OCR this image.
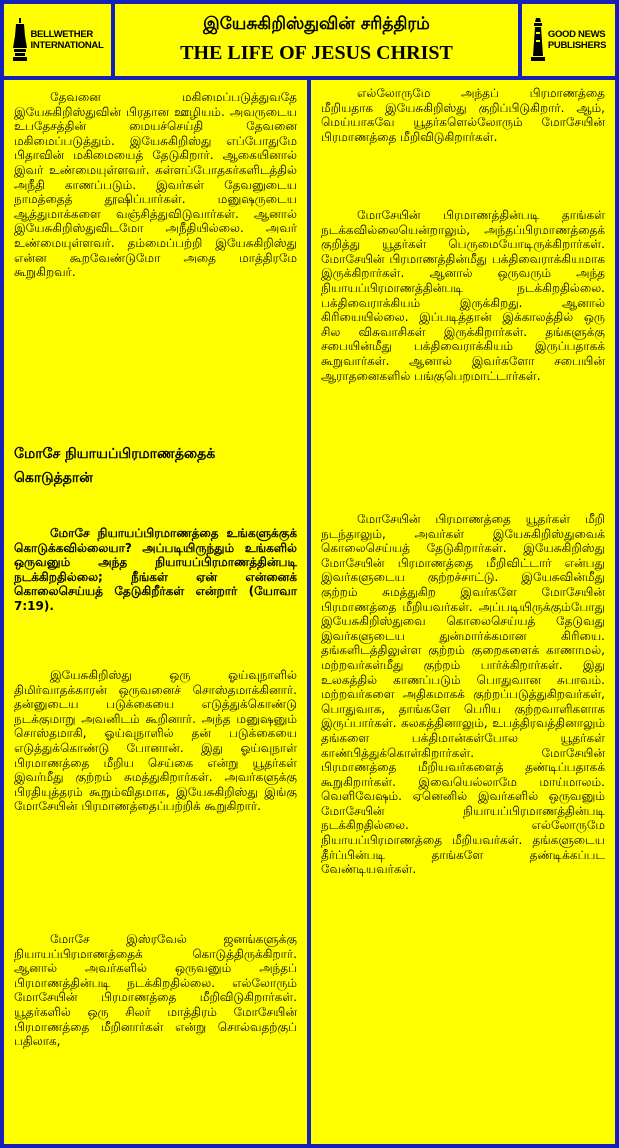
BELLWETHER
INTERNATIONAL
இயேசுகிறிஸ்துவின் சரித்திரம்
THE LIFE OF JESUS CHRIST
GOOD NEWS
PUBLISHERS

தேவனை மகிமைப்படுத்துவதே இயேசுகிறிஸ்துவின் பிரதான ஊழியம். அவருடைய உபதேசத்தின் மையச்செய்தி தேவனை மகிமைப்படுத்தும். இயேசுகிறிஸ்து எப்போதுமே பிதாவின் மகிமையைத் தேடுகிறார். ஆகையினால் இவர் உண்மையுள்ளவர். கள்ளப்போதகர்களிடத்தில் அநீதி காணப்படும். இவர்கள் தேவனுடைய நாமத்தைத் தூஷிப்பார்கள். மனுஷருடைய ஆத்துமாக்களை வஞ்சித்துவிடுவார்கள். ஆனால் இயேசுகிறிஸ்துவிடமோ அநீதியில்லை. அவர் உண்மையுள்ளவர். தம்மைப்பற்றி இயேசுகிறிஸ்து என்ன கூறவேண்டுமோ அதை மாத்திரமே கூறுகிறவர்.

மோசே நியாயப்பிரமாணத்தைக் கொடுத்தான்

மோசே நியாயப்பிரமாணத்தை உங்களுக்குக் கொடுக்கவில்லையா? அப்படியிருந்தும் உங்களில் ஒருவனும் அந்த நியாயப்பிரமாணத்தின்படி நடக்கிறதில்லை; நீங்கள் ஏன் என்னைக் கொலைசெய்யத் தேடுகிறீர்கள் என்றார் (யோவா 7:19).

இயேசுகிறிஸ்து ஒரு ஓய்வுநாளில் திமிர்வாதக்காரன் ஒருவனைச் சொஸ்தமாக்கினார். தன்னுடைய படுக்கையை எடுத்துக்கொண்டு நடக்குமாறு அவனிடம் கூறினார். அந்த மனுஷனும் சொஸ்தமாகி, ஓய்வுநாளில் தன் படுக்கையை எடுத்துக்கொண்டு போனான். இது ஓய்வுநாள் பிரமாணத்தை மீறிய செய்கை என்று யூதர்கள் இவர்மீது குற்றம் சுமத்துகிறார்கள். அவர்களுக்கு பிரதியுத்தரம் கூறும்விதமாக, இயேசுகிறிஸ்து இங்கு மோசேயின் பிரமாணத்தைப்பற்றிக் கூறுகிறார்.

மோசே இஸ்ரவேல் ஜனங்களுக்கு நியாயப்பிரமாணத்தைக் கொடுத்திருக்கிறார். ஆனால் அவர்களில் ஒருவனும் அந்தப் பிரமாணத்தின்படி நடக்கிறதில்லை. எல்லோரும் மோசேயின் பிரமாணத்தை மீறிவிடுகிறார்கள். யூதர்களில் ஒரு சிலர் மாத்திரம் மோசேயின் பிரமாணத்தை மீறினார்கள் என்று சொல்வதற்குப் பதிலாக,

எல்லோருமே அந்தப் பிரமாணத்தை மீறியதாக இயேசுகிறிஸ்து குறிப்பிடுகிறார். ஆம், மெய்யாகவே யூதர்களெல்லோரும் மோசேயின் பிரமாணத்தை மீறிவிடுகிறார்கள்.

மோசேயின் பிரமாணத்தின்படி தாங்கள் நடக்கவில்லையென்றாலும், அந்தப்பிரமாணத்தைக் குறித்து யூதர்கள் பெருமையோடிருக்கிறார்கள். மோசேயின் பிரமாணத்தின்மீது பக்திவைராக்கியமாக இருக்கிறார்கள். ஆனால் ஒருவரும் அந்த நியாயப்பிரமாணத்தின்படி நடக்கிறதில்லை. பக்திவைராக்கியம் இருக்கிறது. ஆனால் கிரியையில்லை. இப்படித்தான் இக்காலத்தில் ஒரு சில விசுவாசிகள் இருக்கிறார்கள். தங்களுக்கு சபையின்மீது பக்திவைராக்கியம் இருப்பதாகக் கூறுவார்கள். ஆனால் இவர்களோ சபையின் ஆராதனைகளில் பங்குபெறமாட்டார்கள்.

மோசேயின் பிரமாணத்தை யூதர்கள் மீறி நடந்தாலும், அவர்கள் இயேசுகிறிஸ்துவைக் கொலைசெய்யத் தேடுகிறார்கள். இயேசுகிறிஸ்து மோசேயின் பிரமாணத்தை மீறிவிட்டார் என்பது இவர்களுடைய குற்றச்சாட்டு. இயேசுவின்மீது குற்றம் சுமத்துகிற இவர்களே மோசேயின் பிரமாணத்தை மீறியவர்கள். அப்படியிருக்கும்போது இயேசுகிறிஸ்துவை கொலைசெய்யத் தேடுவது இவர்களுடைய துன்மார்க்கமான கிரியை. தங்களிடத்திலுள்ள குற்றம் குறைகளைக் காணாமல், மற்றவர்கள்மீது குற்றம் பார்க்கிறார்கள். இது உலகத்தில் காணப்படும் பொதுவான சுபாவம். மற்றவர்களை அதிகமாகக் குற்றப்படுத்துகிறவர்கள், பொதுவாக, தாங்களே பெரிய குற்றவாளிகளாக இருப்பார்கள். கலகத்தினாலும், உபத்திரவத்தினாலும் தங்களை பக்திமான்கள்போல யூதர்கள் காண்பித்துக்கொள்கிறார்கள். மோசேயின் பிரமாணத்தை மீறியவர்களைத் தண்டிப்பதாகக் கூறுகிறார்கள். இவையெல்லாமே மாய்மாலம். வெளிவேஷம். ஏனெனில் இவர்களில் ஒருவனும் மோசேயின் நியாயப்பிரமாணத்தின்படி நடக்கிறதில்லை. எல்லோருமே நியாயப்பிரமாணத்தை மீறியவர்கள். தங்களுடைய தீர்ப்பின்படி தாங்களே தண்டிக்கப்பட வேண்டியவர்கள்.
